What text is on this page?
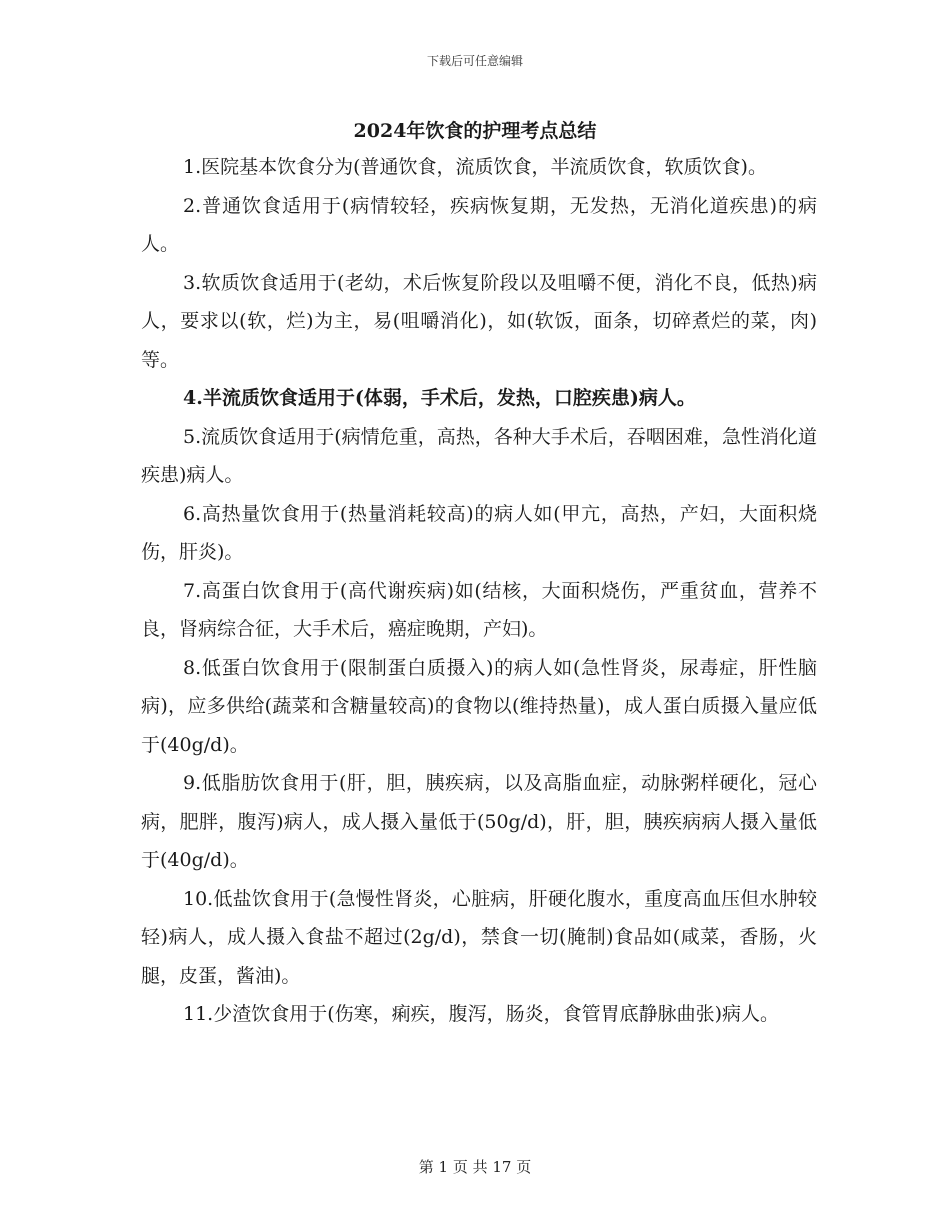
下载后可任意编辑
2024年饮食的护理考点总结

1.医院基本饮食分为(普通饮食，流质饮食，半流质饮食，软质饮食)。

2.普通饮食适用于(病情较轻，疾病恢复期，无发热，无消化道疾患)的病人。

3.软质饮食适用于(老幼，术后恢复阶段以及咀嚼不便，消化不良，低热)病人，要求以(软，烂)为主，易(咀嚼消化)，如(软饭，面条，切碎煮烂的菜，肉)等。

4.半流质饮食适用于(体弱，手术后，发热，口腔疾患)病人。

5.流质饮食适用于(病情危重，高热，各种大手术后，吞咽困难，急性消化道疾患)病人。

6.高热量饮食用于(热量消耗较高)的病人如(甲亢，高热，产妇，大面积烧伤，肝炎)。

7.高蛋白饮食用于(高代谢疾病)如(结核，大面积烧伤，严重贫血，营养不良，肾病综合征，大手术后，癌症晚期，产妇)。

8.低蛋白饮食用于(限制蛋白质摄入)的病人如(急性肾炎，尿毒症，肝性脑病)，应多供给(蔬菜和含糖量较高)的食物以(维持热量)，成人蛋白质摄入量应低于(40g/d)。

9.低脂肪饮食用于(肝，胆，胰疾病，以及高脂血症，动脉粥样硬化，冠心病，肥胖，腹泻)病人，成人摄入量低于(50g/d)，肝，胆，胰疾病病人摄入量低于(40g/d)。

10.低盐饮食用于(急慢性肾炎，心脏病，肝硬化腹水，重度高血压但水肿较轻)病人，成人摄入食盐不超过(2g/d)，禁食一切(腌制)食品如(咸菜，香肠，火腿，皮蛋，酱油)。

11.少渣饮食用于(伤寒，痢疾，腹泻，肠炎，食管胃底静脉曲张)病人。

第 1 页 共 17 页
